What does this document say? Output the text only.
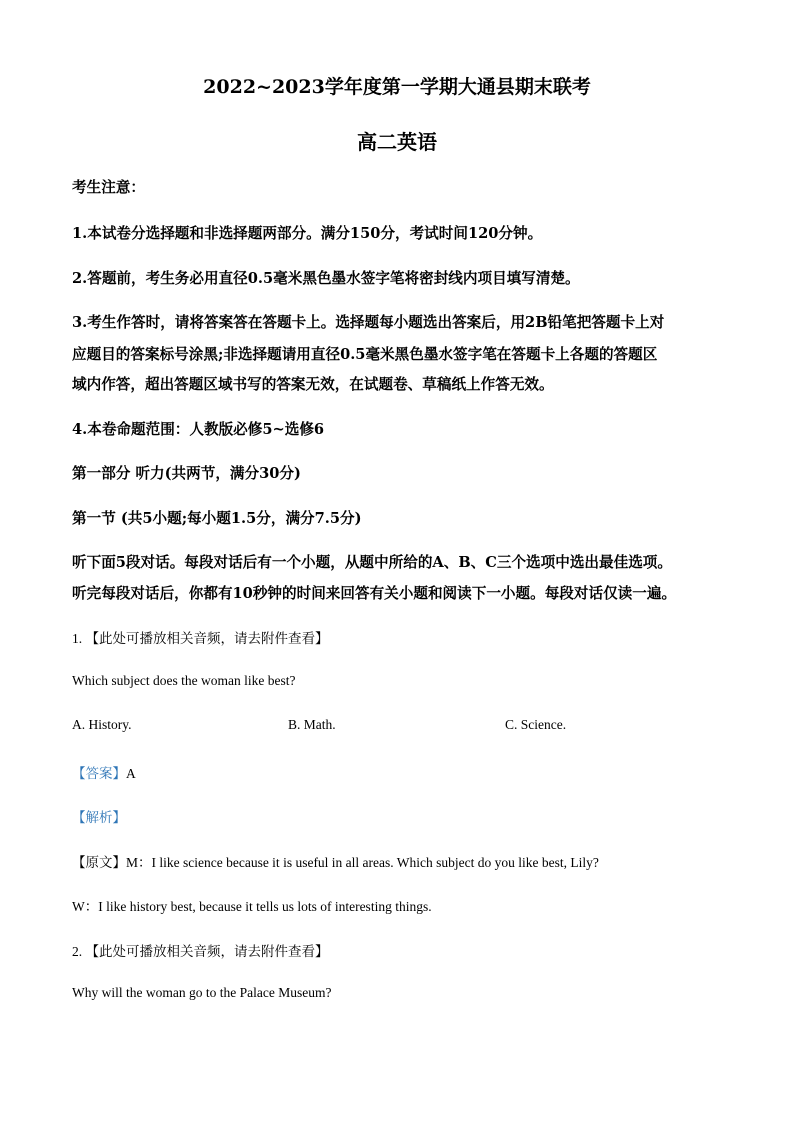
2022~2023学年度第一学期大通县期末联考
高二英语
考生注意：
1.本试卷分选择题和非选择题两部分。满分150分，考试时间120分钟。
2.答题前，考生务必用直径0.5毫米黑色墨水签字笔将密封线内项目填写清楚。
3.考生作答时，请将答案答在答题卡上。选择题每小题选出答案后，用2B铅笔把答题卡上对
应题目的答案标号涂黑;非选择题请用直径0.5毫米黑色墨水签字笔在答题卡上各题的答题区
域内作答，超出答题区域书写的答案无效，在试题卷、草稿纸上作答无效。
4.本卷命题范围：人教版必修5~选修6
第一部分 听力(共两节，满分30分)
第一节 (共5小题;每小题1.5分，满分7.5分)
听下面5段对话。每段对话后有一个小题，从题中所给的A、B、C三个选项中选出最佳选项。
听完每段对话后，你都有10秒钟的时间来回答有关小题和阅读下一小题。每段对话仅读一遍。
1. 【此处可播放相关音频，请去附件查看】
Which subject does the woman like best?
A. History.	B. Math.	C. Science.
【答案】A
【解析】
【原文】M：I like science because it is useful in all areas. Which subject do you like best, Lily?
W：I like history best, because it tells us lots of interesting things.
2. 【此处可播放相关音频，请去附件查看】
Why will the woman go to the Palace Museum?
